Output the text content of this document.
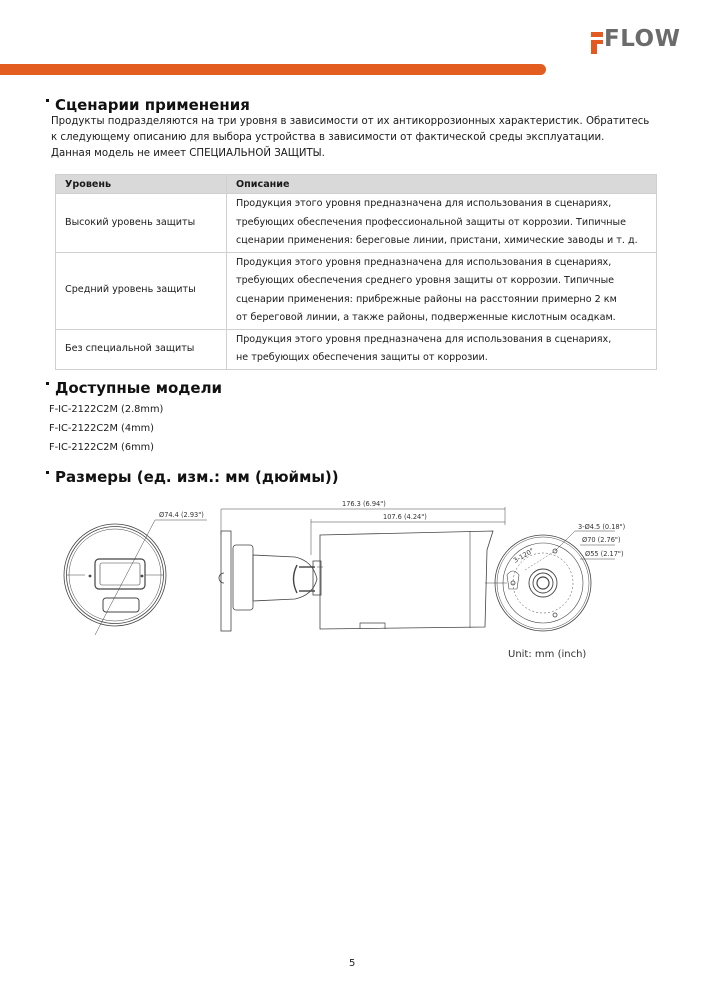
FLOW
Сценарии применения
Продукты подразделяются на три уровня в зависимости от их антикоррозионных характеристик. Обратитесь
к следующему описанию для выбора устройства в зависимости от фактической среды эксплуатации.
Данная модель не имеет СПЕЦИАЛЬНОЙ ЗАЩИТЫ.
Уровень	Описание
Высокий уровень защиты	Продукция этого уровня предназначена для использования в сценариях,
требующих обеспечения профессиональной защиты от коррозии. Типичные
сценарии применения: береговые линии, пристани, химические заводы и т. д.

Средний уровень защиты	Продукция этого уровня предназначена для использования в сценариях,
требующих обеспечения среднего уровня защиты от коррозии. Типичные
сценарии применения: прибрежные районы на расстоянии примерно 2 км
от береговой линии, а также районы, подверженные кислотным осадкам.

Без специальной защиты	Продукция этого уровня предназначена для использования в сценариях,
не требующих обеспечения защиты от коррозии.
Доступные модели
F-IC-2122C2M (2.8mm)
F-IC-2122C2M (4mm)
F-IC-2122C2M (6mm)
Размеры (ед. изм.: мм (дюймы))
Ø74.4 (2.93")
176.3 (6.94")
107.6 (4.24")
3-Ø4.5 (0.18")
Ø70 (2.76")
Ø55 (2.17")
3-120°
Unit: mm (inch)
5
